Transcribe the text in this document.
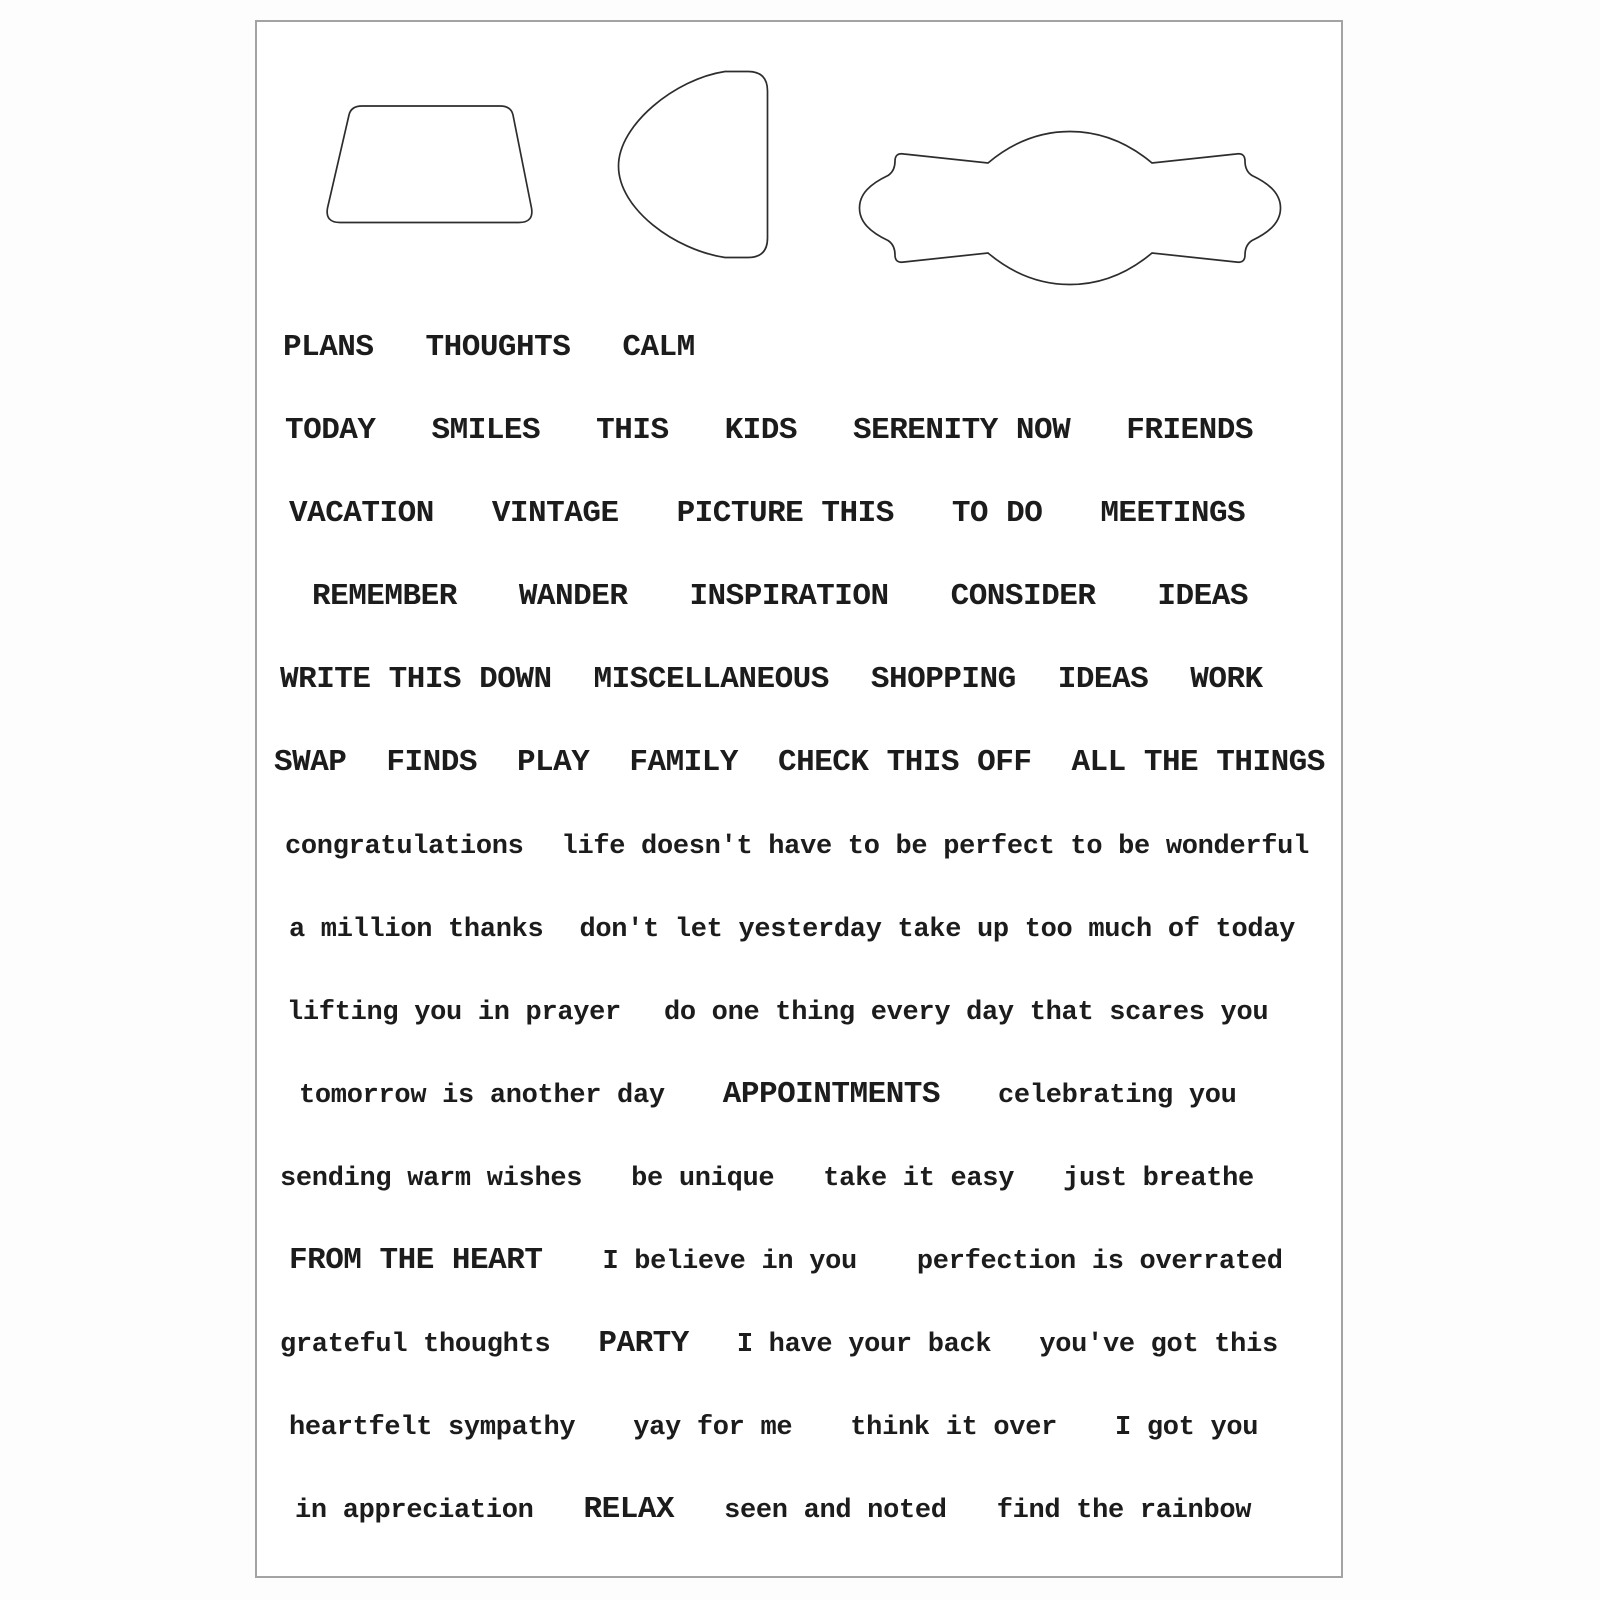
PLANS THOUGHTS CALM
TODAY SMILES THIS KIDS SERENITY NOW FRIENDS
VACATION VINTAGE PICTURE THIS TO DO MEETINGS
REMEMBER WANDER INSPIRATION CONSIDER IDEAS
WRITE THIS DOWN MISCELLANEOUS SHOPPING IDEAS WORK
SWAP FINDS PLAY FAMILY CHECK THIS OFF ALL THE THINGS
congratulations life doesn't have to be perfect to be wonderful
a million thanks don't let yesterday take up too much of today
lifting you in prayer do one thing every day that scares you
tomorrow is another day APPOINTMENTS celebrating you
sending warm wishes be unique take it easy just breathe
FROM THE HEART I believe in you perfection is overrated
grateful thoughts PARTY I have your back you've got this
heartfelt sympathy yay for me think it over I got you
in appreciation RELAX seen and noted find the rainbow
